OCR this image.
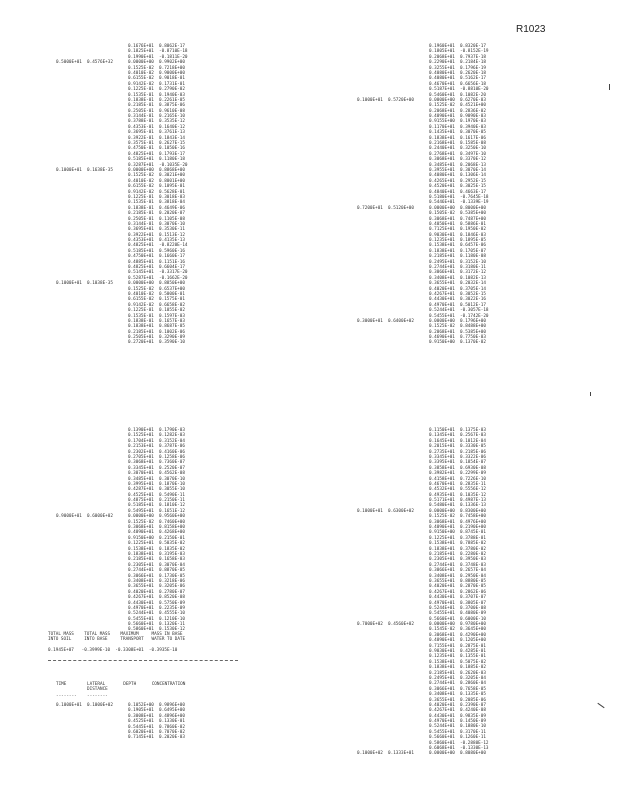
R1023
0.1676E+01  0.8062E-17
0.1825E+01  -0.8710E-18
0.1990E+01  -0.1811E-20
0.5000E+01  0.4576E+32	0.0000E+00  0.9902E+00
0.1525E-02  0.7218E+00
0.4010E-02  0.9000E+00
0.6155E-02  0.9018E-01
0.9142E-02  0.1731E-01
0.1225E-01  0.2790E-02
0.1535E-01  0.1940E-03
0.1838E-01  0.2261E-05
0.2185E-01  0.3875E-06
0.2505E-01  0.9610E-08
0.3144E-01  0.2165E-10
0.3788E-01  0.3535E-12
0.4353E-01  0.1640E-12
0.3695E-01  0.3761E-13
0.3922E-01  0.1843E-14
0.3575E-01  0.2627E-15
0.4750E-01  0.1050E-16
0.4825E+01  0.1793E-17
0.5185E+01  0.1180E-18
0.3287E+01  -0.1035E-20
0.1000E+01  0.1638E-35	0.0000E+00  0.8868E+00
0.1525E-02  0.3021E+00
0.4010E-02  0.8001E+00
0.6155E-02  0.1095E-01
0.9142E-02  0.5628E-01
0.1225E-01  0.3018E-03
0.1535E-01  0.3818E-04
0.1838E-01  0.4649E-06
0.2185E-01  0.2020E-07
0.2505E-01  0.1105E-08
0.3144E-01  0.3070E-10
0.3695E+01  0.3530E-11
0.3922E+01  0.1513E-12
0.4353E+01  0.4135E-13
0.4825E+01  -0.8220E-14
0.5185E+01  0.5960E-16
0.4750E+01  0.1660E-17
0.4885E+01  0.1151E-16
0.4825E+01  0.6604E-17
0.5145E+01  -0.3317E-20
0.5287E+01  -0.1662E-20
0.1000E+01  0.1038E-35	0.0000E+00  0.8850E+00
0.1525E-02  0.6537E+00
0.4010E-02  0.5000E-01
0.6155E-02  0.1575E-01
0.9142E-02  0.6658E-02
0.1225E-01  0.1055E-02
0.1535E-01  0.1597E-03
0.1838E-01  0.1657E-03
0.1838E+01  0.8687E-05
0.2185E+01  0.1002E-06
0.2505E+01  0.3290E-09
0.2720E+01  0.3590E-10
0.1960E+01  0.8320E-17
0.1805E+01  -0.8152E-19
0.2068E+01  0.7937E-18
0.2290E+01  0.2184E-18
0.3255E+01  0.1796E-19
0.4080E+01  0.2620E-18
0.4080E+01  0.5162E-17
0.4670E+01  0.6656E-18
0.5187E+01  -0.8810E-20
0.5460E+01  0.1082E-20
0.1000E+01  0.5720E+00	0.0000E+00  0.6270E-03
0.1525E-02  0.4521E+00
0.2068E+01  0.2836E-02
0.4090E+01  0.9090E-03
0.9155E+00  0.1970E-03
0.1170E+01  0.3940E-03
0.1435E+01  0.3070E-05
0.1838E+01  0.1617E-06
0.2168E+01  0.1585E-08
0.2440E+01  0.3250E-10
0.2768E+01  0.3497E-10
0.3068E+01  0.3370E-12
0.3485E+01  0.2068E-13
0.3955E+01  0.3070E-14
0.4080E+01  0.1306E-14
0.4265E+01  0.2952E-15
0.4520E+01  0.3025E-15
0.4840E+01  0.4663E-17
0.5180E+01  -0.7645E-18
0.5446E+01  -0.1339E-19
0.7200E+01  0.5120E+00	0.0000E+00  0.8000E+00
0.1505E-02  0.5385E+00
0.3068E+01  0.7487E+00
0.4050E+01  0.5886E-01
0.7125E+01  0.1950E-02
0.9030E+01  0.1846E-03
0.1235E+01  0.1895E-05
0.1538E+01  0.6457E-06
0.1838E+01  0.1705E-07
0.2185E+01  0.1180E-08
0.2495E+01  0.3152E-10
0.2744E+01  0.3180E-11
0.3066E+01  0.3172E-12
0.3408E+01  0.1082E-13
0.3655E+01  0.2032E-14
0.4020E+01  0.3705E-14
0.4267E+01  0.3052E-15
0.4430E+01  0.3022E-16
0.4970E+01  0.5012E-17
0.5244E+01  -0.3057E-18
0.5455E+01  -0.1742E-20
0.3000E+01  0.6400E+02	0.0000E+00  0.1796E+00
0.1525E-02  0.8488E+00
0.2068E+01  0.5385E+00
0.4690E+01  0.7750E-03
0.9150E+00  0.1370E-02
0.1390E+01  0.1790E-03
0.1525E+01  0.1282E-03
0.1704E+01  0.3152E-04
0.2153E+01  0.3787E-06
0.2302E+01  0.4160E-06
0.2705E+01  0.1258E-06
0.3068E+01  0.7360E-07
0.3345E+01  0.2520E-07
0.3070E+01  0.4562E-08
0.3485E+01  0.3070E-10
0.3995E+01  0.1870E-10
0.4287E+01  0.3055E-10
0.4525E+01  0.5490E-11
0.4875E+01  0.2150E-11
0.5185E+01  0.1810E-12
0.5495E+01  0.1651E-12
0.9000E+01  0.6000E+02	0.0000E+00  0.9560E+00
0.1525E-02  0.7460E+00
0.3068E+01  0.8158E+00
0.4090E+01  0.4268E+00
0.9150E+00  0.2150E-01
0.1225E+01  0.5035E-02
0.1538E+01  0.1835E-02
0.1838E+01  0.3195E-03
0.2185E+01  0.1658E-03
0.2305E+01  0.3070E-04
0.2744E+01  0.8870E-05
0.3066E+01  0.1730E-05
0.3408E+01  0.3218E-06
0.3655E+01  0.3205E-06
0.4020E+01  0.2780E-07
0.4267E+01  0.8520E-08
0.4430E+01  0.5750E-09
0.4970E+01  0.2235E-09
0.5244E+01  0.4555E-10
0.5455E+01  0.1210E-10
0.5660E+01  0.1320E-11
0.5860E+01  0.1530E-12
0.1150E+01  0.1375E-03
0.1345E+01  0.2567E-03
0.1645E+01  0.1012E-04
0.2015E+01  0.3330E-05
0.2735E+01  0.2185E-06
0.3345E+01  0.3322E-06
0.3395E+01  0.1854E-07
0.3858E+01  0.6930E-08
0.3982E+01  0.2299E-09
0.4158E+01  0.7226E-10
0.4670E+01  0.2835E-11
0.4532E+01  0.5556E-12
0.4935E+01  0.1035E-12
0.5171E+01  0.4987E-13
0.5480E+01  0.1336E-13
0.1000E+01  0.6300E+02	0.0000E+00  0.8300E+00
0.1525E-02  0.7458E+00
0.3068E+01  0.4976E+00
0.4090E+01  0.2190E+00
0.9150E+00  0.8745E-01
0.1225E+01  0.3788E-01
0.1538E+01  0.7885E-02
0.1838E+01  0.3780E-02
0.2185E+01  0.2280E-02
0.2305E+01  0.3950E-03
0.2744E+01  0.3748E-03
0.3066E+01  0.2657E-04
0.3408E+01  0.2950E-04
0.3655E+01  0.8880E-05
0.4020E+01  0.2870E-05
0.4267E+01  0.2862E-06
0.4430E+01  0.3707E-07
0.4970E+01  0.3805E-07
0.5244E+01  0.3700E-08
0.5455E+01  0.4080E-09
0.5660E+01  0.6000E-10
0.7000E+02  0.4560E+02	0.0000E+00  0.9780E+00
0.1545E-02  0.3645E+00
0.3068E+01  0.4290E+00
0.4090E+01  0.1205E+00
0.7155E+01  0.2875E-01
0.9030E+01  0.4285E-01
0.1235E+01  0.1355E-01
0.1538E+01  0.5075E-02
0.1838E+01  0.1885E-02
0.2185E+01  0.2620E-03
0.2495E+01  0.3205E-04
0.2744E+01  0.2860E-04
0.3066E+01  0.7658E-05
0.3408E+01  0.1335E-05
0.3655E+01  0.2085E-06
0.4020E+01  0.2390E-07
0.4267E+01  0.4240E-08
0.4430E+01  0.9835E-09
0.4970E+01  0.1450E-09
0.5244E+01  0.1880E-10
0.5455E+01  0.3170E-11
0.5660E+01  0.1260E-11
0.5860E+01  -0.2880E-12
0.6068E+01  -0.1330E-13
0.1000E+02  0.1333E+01	0.0000E+00  0.8080E+00
TOTAL MASS    TOTAL MASS    MAXIMUM     MASS IN BASE
INTO SOIL     INTO BASE     TRANSPORT   WATER TO DATE
0.1945E+07   -0.3999E-10  -0.3308E+01  -0.3935E-10
TIME        LATERAL       DEPTH      CONCENTRATION
DISTANCE
--------    --------
0.1000E+01  0.1000E+02	0.1052E+00  0.9896E+00
0.1905E+01  0.6495E+00
0.3008E+01  0.4896E+00
0.4525E+01  0.1330E-01
0.5445E+01  0.7860E-02
0.6020E+01  0.7070E-02
0.7145E+01  0.2020E-03
